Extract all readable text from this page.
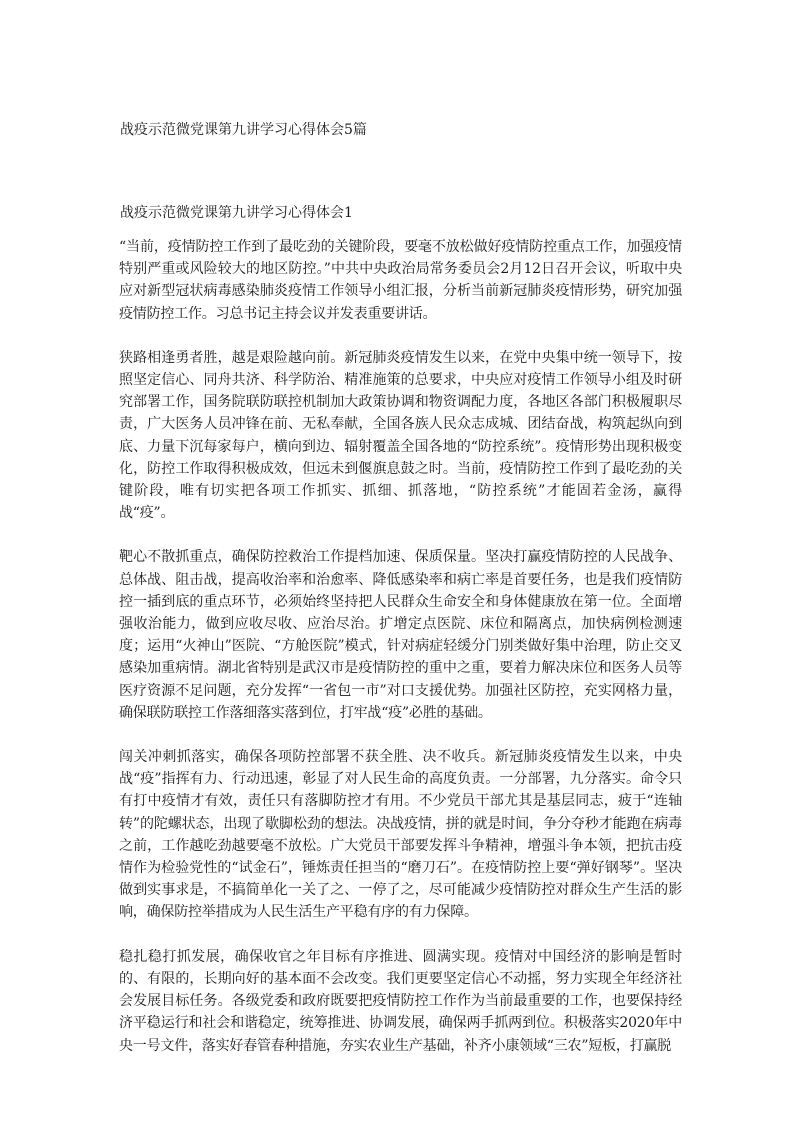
战疫示范微党课第九讲学习心得体会5篇
战疫示范微党课第九讲学习心得体会1

“当前，疫情防控工作到了最吃劲的关键阶段，要毫不放松做好疫情防控重点工作，加强疫情特别严重或风险较大的地区防控。”中共中央政治局常务委员会2月12日召开会议，听取中央应对新型冠状病毒感染肺炎疫情工作领导小组汇报，分析当前新冠肺炎疫情形势，研究加强疫情防控工作。习总书记主持会议并发表重要讲话。

狭路相逢勇者胜，越是艰险越向前。新冠肺炎疫情发生以来，在党中央集中统一领导下，按照坚定信心、同舟共济、科学防治、精准施策的总要求，中央应对疫情工作领导小组及时研究部署工作，国务院联防联控机制加大政策协调和物资调配力度，各地区各部门积极履职尽责，广大医务人员冲锋在前、无私奉献，全国各族人民众志成城、团结奋战，构筑起纵向到底、力量下沉每家每户，横向到边、辐射覆盖全国各地的“防控系统”。疫情形势出现积极变化，防控工作取得积极成效，但远未到偃旗息鼓之时。当前，疫情防控工作到了最吃劲的关键阶段，唯有切实把各项工作抓实、抓细、抓落地，“防控系统”才能固若金汤，赢得战“疫”。

靶心不散抓重点，确保防控救治工作提档加速、保质保量。坚决打赢疫情防控的人民战争、总体战、阻击战，提高收治率和治愈率、降低感染率和病亡率是首要任务，也是我们疫情防控一插到底的重点环节，必须始终坚持把人民群众生命安全和身体健康放在第一位。全面增强收治能力，做到应收尽收、应治尽治。扩增定点医院、床位和隔离点，加快病例检测速度；运用“火神山”医院、“方舱医院”模式，针对病症轻缓分门别类做好集中治理，防止交叉感染加重病情。湖北省特别是武汉市是疫情防控的重中之重，要着力解决床位和医务人员等医疗资源不足问题，充分发挥“一省包一市”对口支援优势。加强社区防控，充实网格力量，确保联防联控工作落细落实落到位，打牢战“疫”必胜的基础。

闯关冲刺抓落实，确保各项防控部署不获全胜、决不收兵。新冠肺炎疫情发生以来，中央战“疫”指挥有力、行动迅速，彰显了对人民生命的高度负责。一分部署，九分落实。命令只有打中疫情才有效，责任只有落脚防控才有用。不少党员干部尤其是基层同志，疲于“连轴转”的陀螺状态，出现了歇脚松劲的想法。决战疫情，拼的就是时间，争分夺秒才能跑在病毒之前，工作越吃劲越要毫不放松。广大党员干部要发挥斗争精神，增强斗争本领，把抗击疫情作为检验党性的“试金石”，锤炼责任担当的“磨刀石”。在疫情防控上要“弹好钢琴”。坚决做到实事求是，不搞简单化一关了之、一停了之，尽可能减少疫情防控对群众生产生活的影响，确保防控举措成为人民生活生产平稳有序的有力保障。

稳扎稳打抓发展，确保收官之年目标有序推进、圆满实现。疫情对中国经济的影响是暂时的、有限的，长期向好的基本面不会改变。我们更要坚定信心不动摇，努力实现全年经济社会发展目标任务。各级党委和政府既要把疫情防控工作作为当前最重要的工作，也要保持经济平稳运行和社会和谐稳定，统筹推进、协调发展，确保两手抓两到位。积极落实2020年中央一号文件，落实好春管春种措施，夯实农业生产基础，补齐小康领域“三农”短板，打赢脱
